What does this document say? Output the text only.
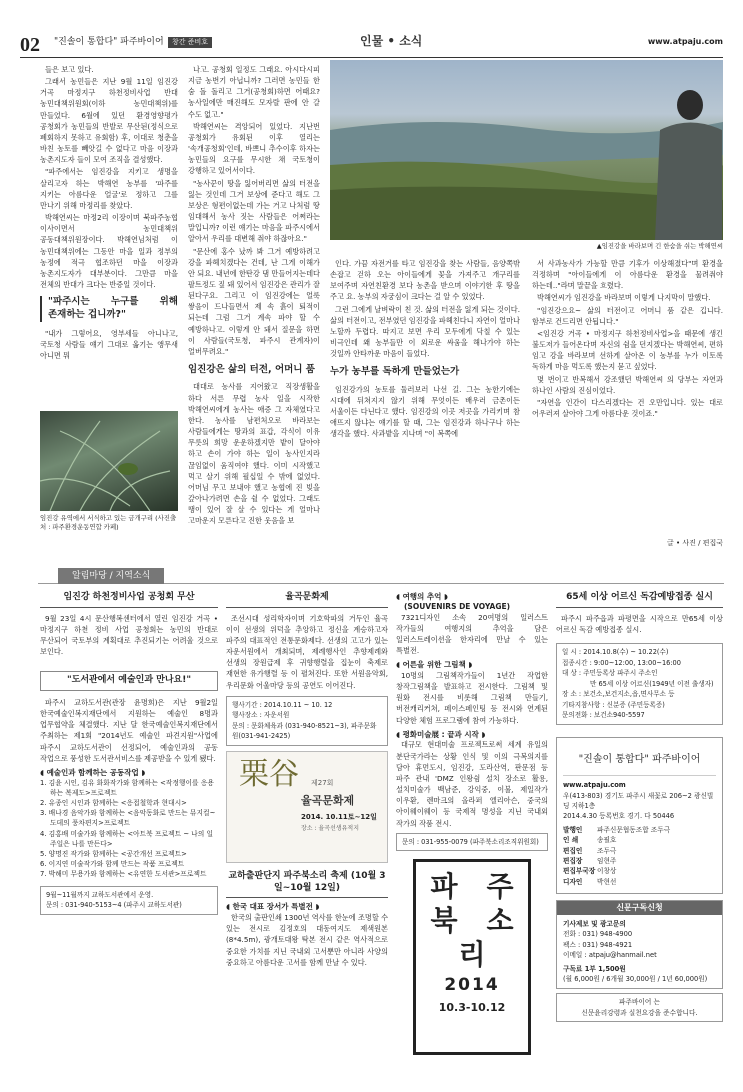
02 "진솔이 통합다" 파주바이어	창간 준비호	인물 • 소식	www.atpaju.com

들은 보고 있다.

그래서 농민들은 지난 9월 11일 임진강 거곡 마정지구 하천정비사업 반대 농민대책위원회(이하 농민대책위)를 만들었다. 6월에 있던 환경영향평가 공청회가 농민들의 반발로 무산된(정식으로 폐회하지 못하고 유회함) 후, 이대로 청춘을 바친 농토를 빼앗길 수 없다고 마음 이장과 농촌지도자 들이 모여 조직을 결성했다.

"파주에서는 임진강을 지키고 생명을 살리고자 하는 박해연 농부를 '파주를 지키는 아름다운 얼굴'로 정하고 그를 만나기 위해 마정리를 찾았다.

박해연씨는 마정2리 이장이며 북파주농협 이사이면서 농민대책위 공동대책위원장이다. 박해연님처럼 이 농민대책위에는 그동안 마을 일과 정부의 농정에 적극 협조하던 마을 이장과 농촌지도자가 대부분이다. 그만큼 마을 전체의 반대가 크다는 반증일 것이다.

"파주시는 누구를 위해 존재하는 겁니까?"

"내가 그렇어요, 영부세들 아니나고, 국토청 사람들 얘기 그대로 옮기는 앵무새 아니면 뭐

임진강 유역에서 서식하고 있는 금개구리 (사진출처 : 파주환경운동연합 카페)

나고. 공청회 일정도 그래요. 아시다시피 지금 농번기 아닙니까? 그러면 농민들 한 숨 돌 돌리고 그거(공청회)하면 어때요? 농사일에만 매진해도 모자랄 판에 안 갈 수도 없고."

박해연씨는 격앙되어 있었다. 지난번 공청회가 유회된 이후 열리는 '속개공청회'인데, 바쁘니 추수이후 하자는 농민들의 요구를 무시한 채 국토청이 강행하고 있어서이다.

"농사꾼이 땅을 잃어버리면 삶의 터전을 잃는 것인데 그거 보상에 준다고 해도 그 보상은 형편이없는데 가는 거고 나처럼 땅 임대해서 농사 짓는 사람들은 어쩌라는 말입니까? 이런 얘기는 마음을 파주시에서 알아서 우리를 대변해 줘야 하잖아요."

"문산에 홍수 났까 봐 그거 예방하려고 강을 파헤치겠다는 건데, 난 그게 이해가 안 되요. 내년에 한탄강 댐 만들어지는데다 팔트정도 짚 돼 있어서 임진강은 관리가 잘 된다구요. 그리고 이 임진강에는 얼룩 쌓음이 드나들면서 제 속 흙이 퇴적이 되는데 그럼 그거 계속 파야 할 수 예방하나고. 이렇게 안 돼서 질문을 하면 이 사람들(국토청, 파주시 관계자)이 얼버무려요."

임진강은 삶의 터전, 어머니 품

대대로 농사를 지어왔고 직장생활을 하다 서른 무렵 농사 일을 시작한 박해연씨에게 농사는 애증 그 자체였다고 한다. 농사를 남편처오로 바라보는 사람들에게는 땅과의 표갑, 각식이 이유 무릇의 희망 운운하겠지만 밭이 달아야 하고 손이 가야 하는 일이 농사인지라 끊임없이 움직여야 했다. 이미 시작했고 먹고 살기 위해 필십일 수 밖에 없었다. 어머님 무고 보내야 했고 농협에 진 빚을 갚아나가려면 손을 쉴 수 없었다. 그래도 땡이 있어 잘 살 수 있다는 게 얼마나 고마운지 모른다고 진한 웃음을 보

▲임진강을 바라보며 긴 한숨을 쉬는 박해연씨

인다. 가끔 자전거를 타고 임진강을 찾는 사람들, 음양쪽밖 손잡고 걷하 오는 아이들에게 꽃을 가져주고 개구리를 보여주며 자연친환경 보다 농촌을 받으며 이야기한 후 땅을 주고 요. 농부의 자궁심이 크다는 걸 알 수 있었다.

그런 그에게 날벼락이 친 것. 삶의 터전을 잃게 되는 것이다. 삶의 터전이고, 전부였던 임진강을 파헤친다니 자연이 얼마나 노할까 두렵다. 따지고 보면 우리 모두에게 닥칠 수 있는 비극인데 왜 농부들만 이 외로운 싸움을 해나가야 하는 것일까 안타까운 마음이 들었다.

누가 농부를 독하게 만들었는가

임진강가의 농토를 둘러보러 나선 길. 그는 농한기에는 시대에 뒤쳐지지 않기 위해 무엇이든 배우러 금촌이든 서울이든 다닌다고 했다. 임진강의 이곳 저곳을 가리키며 참 애뜨지 않냐는 얘기를 할 때, 그는 임진강과 하나구나 하는 생각을 했다. 사과밭을 지나며 "이 복쪽에

서 사과농사가 가능할 만큼 기후가 이상해졌다"며 환경을 걱정하며 "아이들에게 이 아름다운 환경을 물려줘야 하는데.."라며 말끝을 흐렸다.

박해연씨가 임진강을 바라보며 이렇게 나지막이 말했다.

"임진강으요~ 삶의 터전이고 어머니 품 같은 깁니다. 함부로 건드리면 안됩니다."

<임진강 거곡 • 마정지구 하천정비사업>을 때문에 생긴 불도저가 들어온다며 자신의 쉼을 던지겠다는 박해연씨, 편하 임고 강을 바라보며 선하게 살아온 이 농부를 누가 이토록 독하게 마음 먹도록 했는지 묻고 싶었다.

몇 번이고 반복해서 강조했던 박해연씨 의 당부는 자연과 하나인 사람의 진심이었다.

"자연을 인간이 다스리겠다는 건 오만입니다. 있는 대로 어우러져 살아야 그게 아름다운 것이죠."

글 • 사진 / 편집국
알림마당 / 지역소식
임진강 하천정비사업 공청회 무산

9월 23일 4시 문산행복센터에서 열린 임진강 거곡 • 마정지구 하천 정비 사업 공청회는 농민의 반대로 무산되어 국토부의 계획대로 추진되기는 어려울 것으로 보인다.

"도서관에서 예술인과 만나요!"

파주시 교하도서관(관장 윤명희)은 지난 9월2일 한국예술인복지재단에서 지원하는 예술인 8명과 업무협약을 체결했다. 지난 달 한국예술인복지재단에서 주최하는 제1회 "2014년도 예술인 파견지원"사업에 파주시 교하도서관이 선정되어, 예술인과의 공동 작업으로 풍성한 도서관서비스를 제공받을 수 있게 됐다.

◖ 예술인과 함께하는 공동작업 ◗
1. 김윤 시인, 김유 화화작가와 함께하는 <작정행이를 응용하는 복제도>프로젝트
2. 유종인 시인과 함께하는 <응접철학과 현대시>
3. 배나경 음악가와 함께하는 <음악동화로 만드는 뮤지컬~ 도데의 풍차편지>프로젝트
4. 김홍배 미술가와 함께하는 <아트북 프로젝트 ~ 나의 일주일은 나를 만든다>
5. 양명진 작가와 함께하는 <공간개선 프로젝트>
6. 이지연 미술작가와 함께 만드는 작품 프로젝트
7. 박해미 무용가와 함께하는 <유연한 도서관>프로젝트
9월~11월까지 교하도서관에서 운영.
문의 : 031-940-5153~4 (파주시 교하도서관)
율곡문화제

조선시대 성리학자이며 기호학파의 거두인 율곡 이이 선생의 위덕을 추앙하고 정신을 계승하고자 파주의 대표적인 전통문화제다. 선생의 고고가 있는 자운서원에서 개최되며, 제례행사인 추향제례와 선생의 장원급제 후 귀향행렬을 집눈이 축제로 재현한 유가행렬 등 이 펼쳐진다. 또한 서원음악회, 우리문화 어울마당 등의 공연도 이어진다.

행사기간 : 2014.10.11 ~ 10. 12
행사장소 : 자운서원
문의 : 문화체육과 (031-940-8521~3), 파주문화원(031-941-2425)
栗谷 제27회
율곡문화제
2014. 10.11토~12일
장소 : 율곡선생유적지
교하출판단지 파주북소리 축제 (10월 3일~10월 12일)
◖ 한국 대표 장서가 특별전 ◗

한국의 출판인쇄 1300년 역사를 한눈에 조명할 수 있는 전시로 김정호의 대동여지도 제색원본 (8*4.5m), 광개토대왕 탁본 전시 같은 역사적으로 중요한 가치를 지닌 국내외 고서뿐만 아니라 사양의 중요하고 아름다운 고서를 함께 만날 수 있다.

◖ 여행의 추억 ◗
(SOUVENIRS DE VOYAGE)

7321디자인 소속 20여명의 일러스트 작가들의 여행지의 추억을 담은 일러스트레이션을 한자리에 만날 수 있는 특별전.

◖ 어른을 위한 그림책 ◗

10명의 그림책작가들이 1년간 작업한 창작그림책을 발표하고 전시한다. 그림책 및 원화 전시를 비롯해 그림책 만들기, 버전캐리커쳐, 페이스페인팅 등 전시와 연계된 다양한 체험 프로그램에 참여 가능하다.

◖ 평화미술展 : 끝과 시작 ◗

대규모 현대미술 프로젝트로써 세계 유일의 분단국가라는 상황 인식 및 이의 극복의지를 담아 휴먼도시, 임진강, 도라산역, 판문점 등 파주 관내 'DMZ 인왕쉼 설치 장소로 활용, 설치미술가 백남준, 강익중, 이불, 제일작가 이우환, 렌마크의 올라퍼 엘리아슨, 중국의 아이웨이웨이 등 국제적 명성을 지닌 국내외 작가의 작품 전시.

문의 : 031-955-0079 (파주북소리조직위원회)
파	주
북	소
리
2014
10.3-10.12
65세 이상 어르신 독감예방접종 실시

파주시 파주읍과 파평면을 시작으로 만65세 이상 어르신 독감 예방접종 실시.

일 시 : 2014.10.8(수) ~ 10.22(수)
접종시간 : 9:00~12:00, 13:00~16:00
대 상 : 주민등록상 파주시 주소인
만 65세 이상 어르신(1949년 이전 출생자)
장 소 : 보건소,보건지소,읍,면사무소 등
기타지참사항 : 신분증 (주민등록증)
문의전화 : 보건소940-5597
"진솔이 통합다" 파주바이어
www.atpaju.com
우(413-803) 경기도 파주시 새꽃로 206~2 광신빌딩 지하1층
2014.4.30 등록번호 경기. 다 50446
발행인 파주신문협동조합 조두극
인 쇄	송필호
편집인 조두극
편집장 임현주
편집부국장 이창상
디자인 박현선
신문구독신청
기사제보 및 광고문의
전화 : 031) 948-4900
팩스 : 031) 948-4921
이메일 : atpaju@hanmail.net
구독료 1부 1,500원
(월 6,000원 / 6개월 30,000원 / 1년 60,000원)
파주바이어 는
신문윤리강령과 실천요강을 준수합니다.
